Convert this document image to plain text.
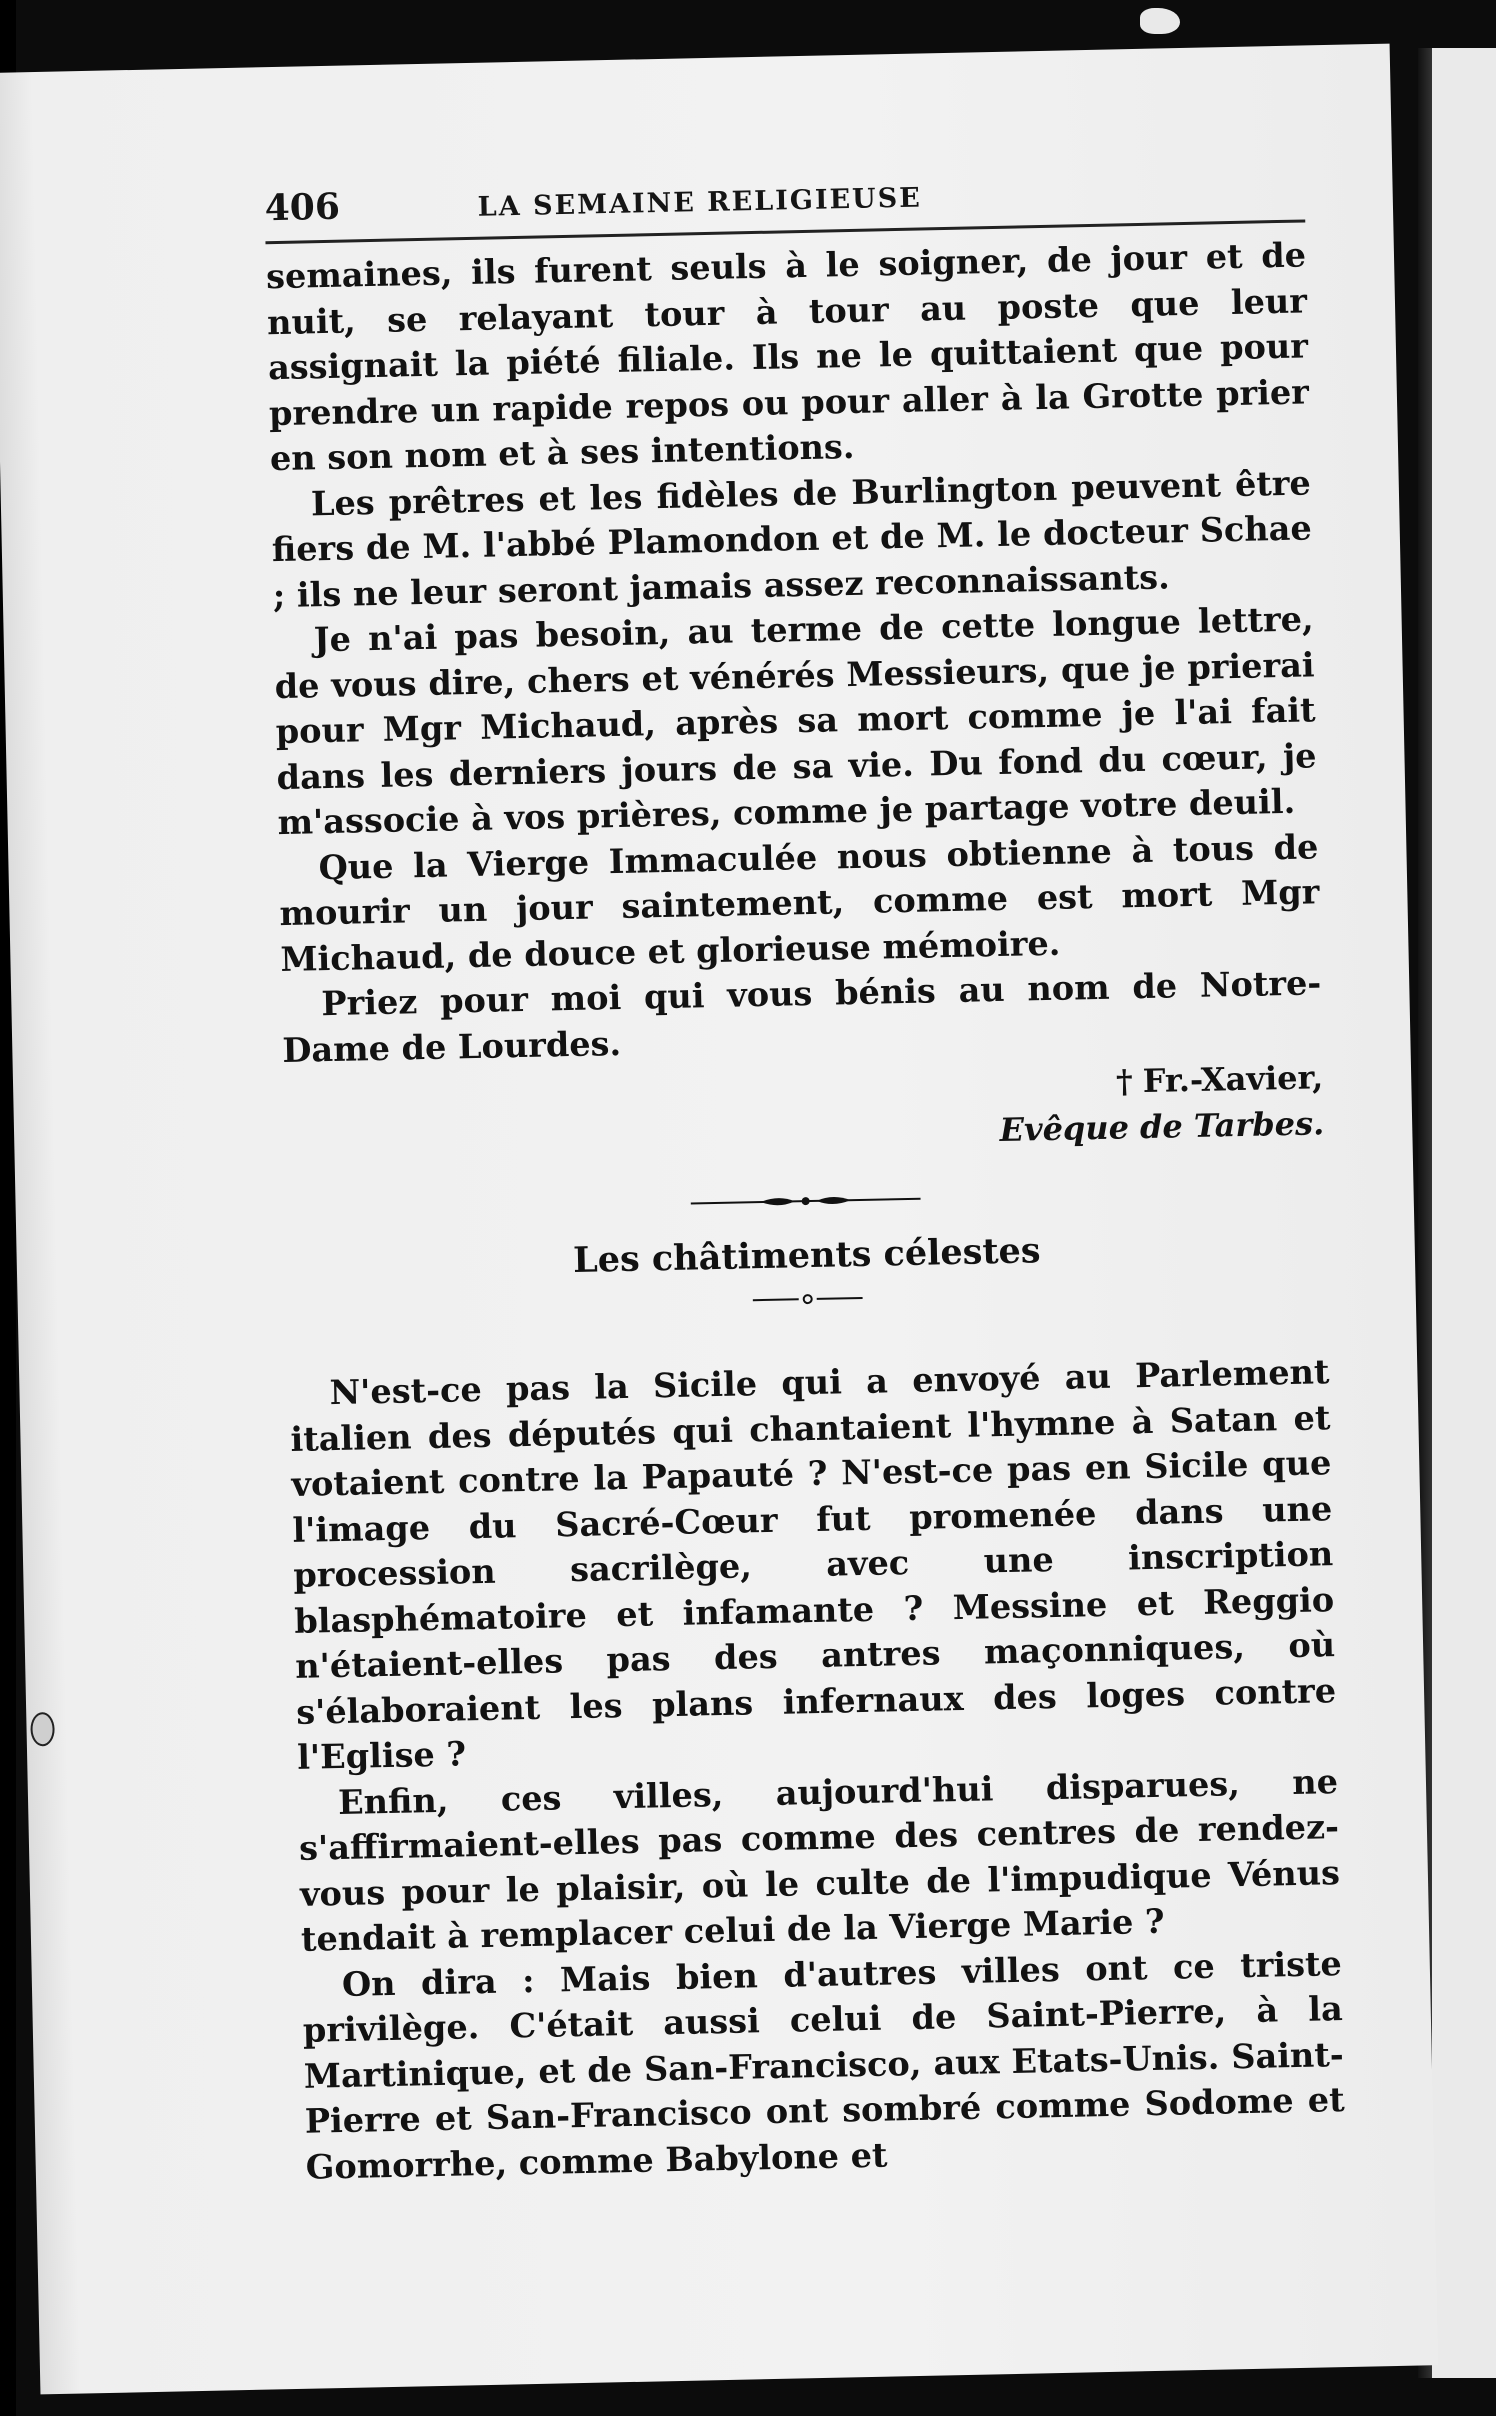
406	LA SEMAINE RELIGIEUSE

semaines, ils furent seuls à le soigner, de jour et de nuit, se relayant tour à tour au poste que leur assignait la piété filiale. Ils ne le quittaient que pour prendre un rapide repos ou pour aller à la Grotte prier en son nom et à ses intentions.

Les prêtres et les fidèles de Burlington peuvent être fiers de M. l'abbé Plamondon et de M. le docteur Schae ; ils ne leur seront jamais assez reconnaissants.

Je n'ai pas besoin, au terme de cette longue lettre, de vous dire, chers et vénérés Messieurs, que je prierai pour Mgr Michaud, après sa mort comme je l'ai fait dans les derniers jours de sa vie. Du fond du cœur, je m'associe à vos prières, comme je partage votre deuil.

Que la Vierge Immaculée nous obtienne à tous de mourir un jour saintement, comme est mort Mgr Michaud, de douce et glorieuse mémoire.

Priez pour moi qui vous bénis au nom de Notre-Dame de Lourdes.

† Fr.-Xavier,
Evêque de Tarbes.
Les châtiments célestes

N'est-ce pas la Sicile qui a envoyé au Parlement italien des députés qui chantaient l'hymne à Satan et votaient contre la Papauté ? N'est-ce pas en Sicile que l'image du Sacré-Cœur fut promenée dans une procession sacrilège, avec une inscription blasphématoire et infamante ? Messine et Reggio n'étaient-elles pas des antres maçonniques, où s'élaboraient les plans infernaux des loges contre l'Eglise ?

Enfin, ces villes, aujourd'hui disparues, ne s'affirmaient-elles pas comme des centres de rendez-vous pour le plaisir, où le culte de l'impudique Vénus tendait à remplacer celui de la Vierge Marie ?

On dira : Mais bien d'autres villes ont ce triste privilège. C'était aussi celui de Saint-Pierre, à la Martinique, et de San-Francisco, aux Etats-Unis. Saint-Pierre et San-Francisco ont sombré comme Sodome et Gomorrhe, comme Babylone et
